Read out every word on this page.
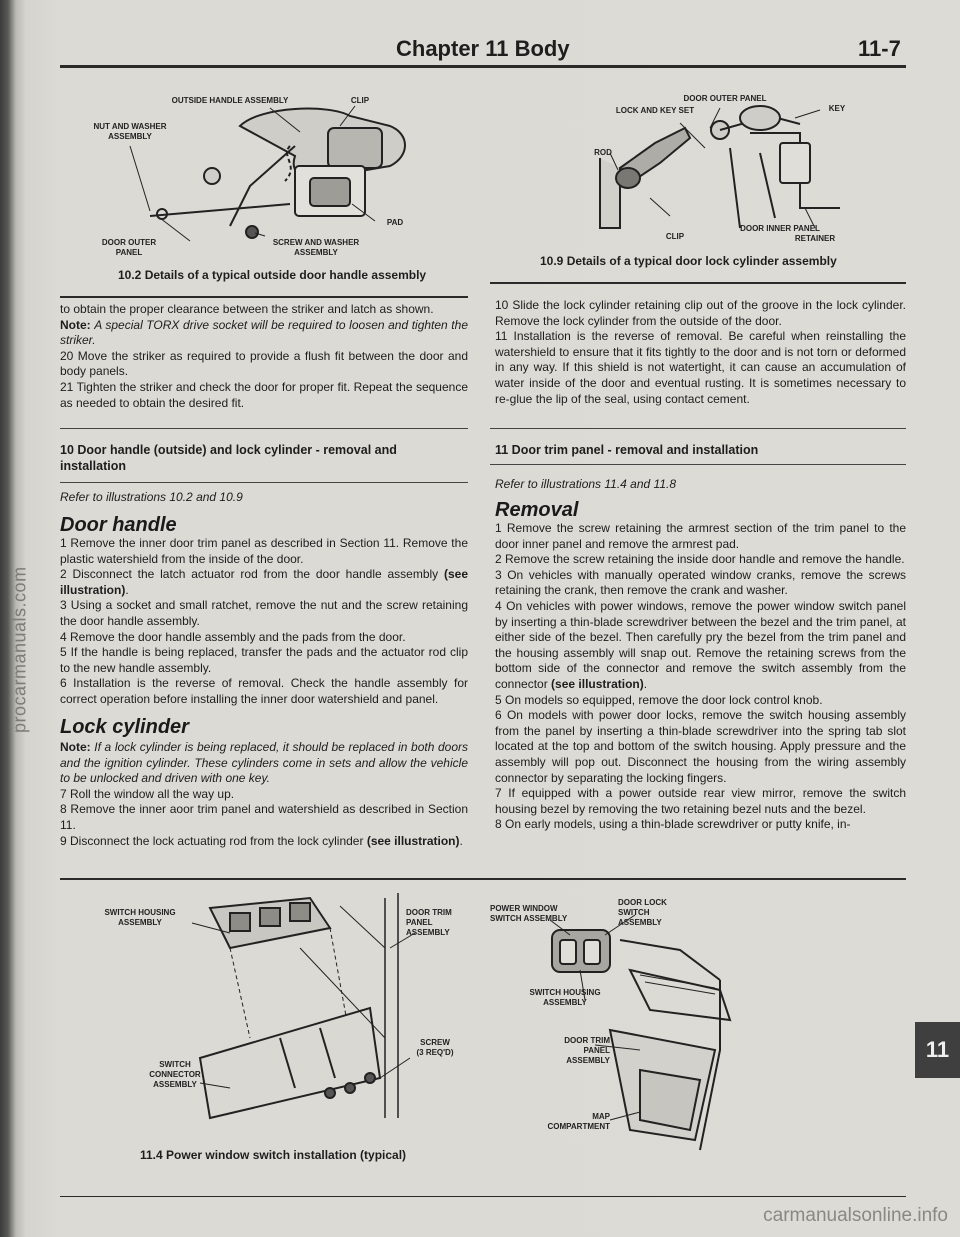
procarmanuals.com
carmanualsonline.info
Chapter 11 Body	11-7
OUTSIDE HANDLE ASSEMBLY	CLIP
NUT AND WASHER
ASSEMBLY
PAD
DOOR OUTER
PANEL
SCREW AND WASHER
ASSEMBLY
10.2 Details of a typical outside door handle assembly
DOOR OUTER PANEL
LOCK AND KEY SET	KEY
ROD
DOOR INNER PANEL
CLIP	RETAINER
10.9 Details of a typical door lock cylinder assembly

to obtain the proper clearance between the striker and latch as shown.

Note: A special TORX drive socket will be required to loosen and tighten the striker.

20 Move the striker as required to provide a flush fit between the door and body panels.

21 Tighten the striker and check the door for proper fit. Repeat the sequence as needed to obtain the desired fit.

10 Slide the lock cylinder retaining clip out of the groove in the lock cylinder. Remove the lock cylinder from the outside of the door.

11 Installation is the reverse of removal. Be careful when reinstalling the watershield to ensure that it fits tightly to the door and is not torn or deformed in any way. If this shield is not watertight, it can cause an accumulation of water inside of the door and eventual rusting. It is sometimes necessary to re-glue the lip of the seal, using contact cement.

10 Door handle (outside) and lock cylinder - removal and
installation
Refer to illustrations 10.2 and 10.9
11 Door trim panel - removal and installation
Refer to illustrations 11.4 and 11.8
Door handle

1 Remove the inner door trim panel as described in Section 11. Remove the plastic watershield from the inside of the door.

2 Disconnect the latch actuator rod from the door handle assembly (see illustration).

3 Using a socket and small ratchet, remove the nut and the screw retaining the door handle assembly.

4 Remove the door handle assembly and the pads from the door.

5 If the handle is being replaced, transfer the pads and the actuator rod clip to the new handle assembly.

6 Installation is the reverse of removal. Check the handle assembly for correct operation before installing the inner door watershield and panel.

Lock cylinder

Note: If a lock cylinder is being replaced, it should be replaced in both doors and the ignition cylinder. These cylinders come in sets and allow the vehicle to be unlocked and driven with one key.

7 Roll the window all the way up.

8 Remove the inner aoor trim panel and watershield as described in Section 11.

9 Disconnect the lock actuating rod from the lock cylinder (see illustration).

Removal

1 Remove the screw retaining the armrest section of the trim panel to the door inner panel and remove the armrest pad.

2 Remove the screw retaining the inside door handle and remove the handle.

3 On vehicles with manually operated window cranks, remove the screws retaining the crank, then remove the crank and washer.

4 On vehicles with power windows, remove the power window switch panel by inserting a thin-blade screwdriver between the bezel and the trim panel, at either side of the bezel. Then carefully pry the bezel from the trim panel and the housing assembly will snap out. Remove the retaining screws from the bottom side of the connector and remove the switch assembly from the connector (see illustration).

5 On models so equipped, remove the door lock control knob.

6 On models with power door locks, remove the switch housing assembly from the panel by inserting a thin-blade screwdriver into the spring tab slot located at the top and bottom of the switch housing. Apply pressure and the assembly will pop out. Disconnect the housing from the wiring assembly connector by separating the locking fingers.

7 If equipped with a power outside rear view mirror, remove the switch housing bezel by removing the two retaining bezel nuts and the bezel.

8 On early models, using a thin-blade screwdriver or putty knife, in-

SWITCH HOUSING
ASSEMBLY
DOOR TRIM
PANEL
ASSEMBLY
SCREW
(3 REQ'D)
SWITCH
CONNECTOR
ASSEMBLY
11.4 Power window switch installation (typical)
POWER WINDOW
SWITCH ASSEMBLY
DOOR LOCK
SWITCH
ASSEMBLY
SWITCH HOUSING
ASSEMBLY
DOOR TRIM
PANEL
ASSEMBLY
MAP
COMPARTMENT
11
